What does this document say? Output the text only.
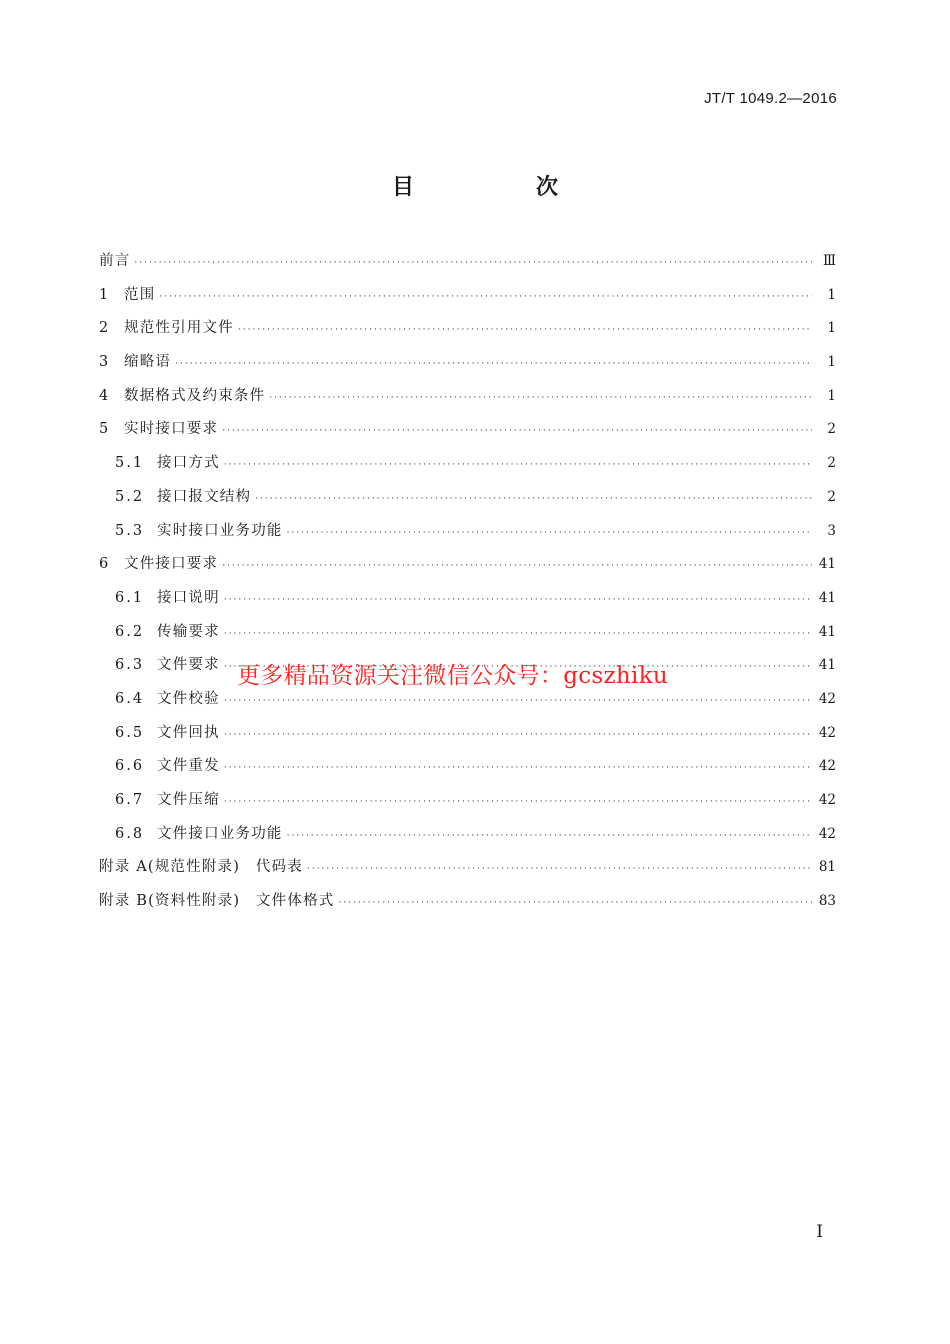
JT/T 1049.2—2016
目　次
前言 ·····	Ⅲ
1 范围 ·····	1
2 规范性引用文件 ·····	1
3 缩略语 ·····	1
4 数据格式及约束条件 ·····	1
5 实时接口要求 ·····	2
5.1 接口方式 ·····	2
5.2 接口报文结构 ·····	2
5.3 实时接口业务功能 ·····	3
6 文件接口要求 ·····	41
6.1 接口说明 ·····	41
6.2 传输要求 ·····	41
6.3 文件要求 ·····	41
6.4 文件校验 ·····	42
6.5 文件回执 ·····	42
6.6 文件重发 ·····	42
6.7 文件压缩 ·····	42
6.8 文件接口业务功能 ·····	42
附录 A(规范性附录)　代码表 ·····	81
附录 B(资料性附录)　文件体格式 ·····	83
更多精品资源关注微信公众号：gcszhiku
I
